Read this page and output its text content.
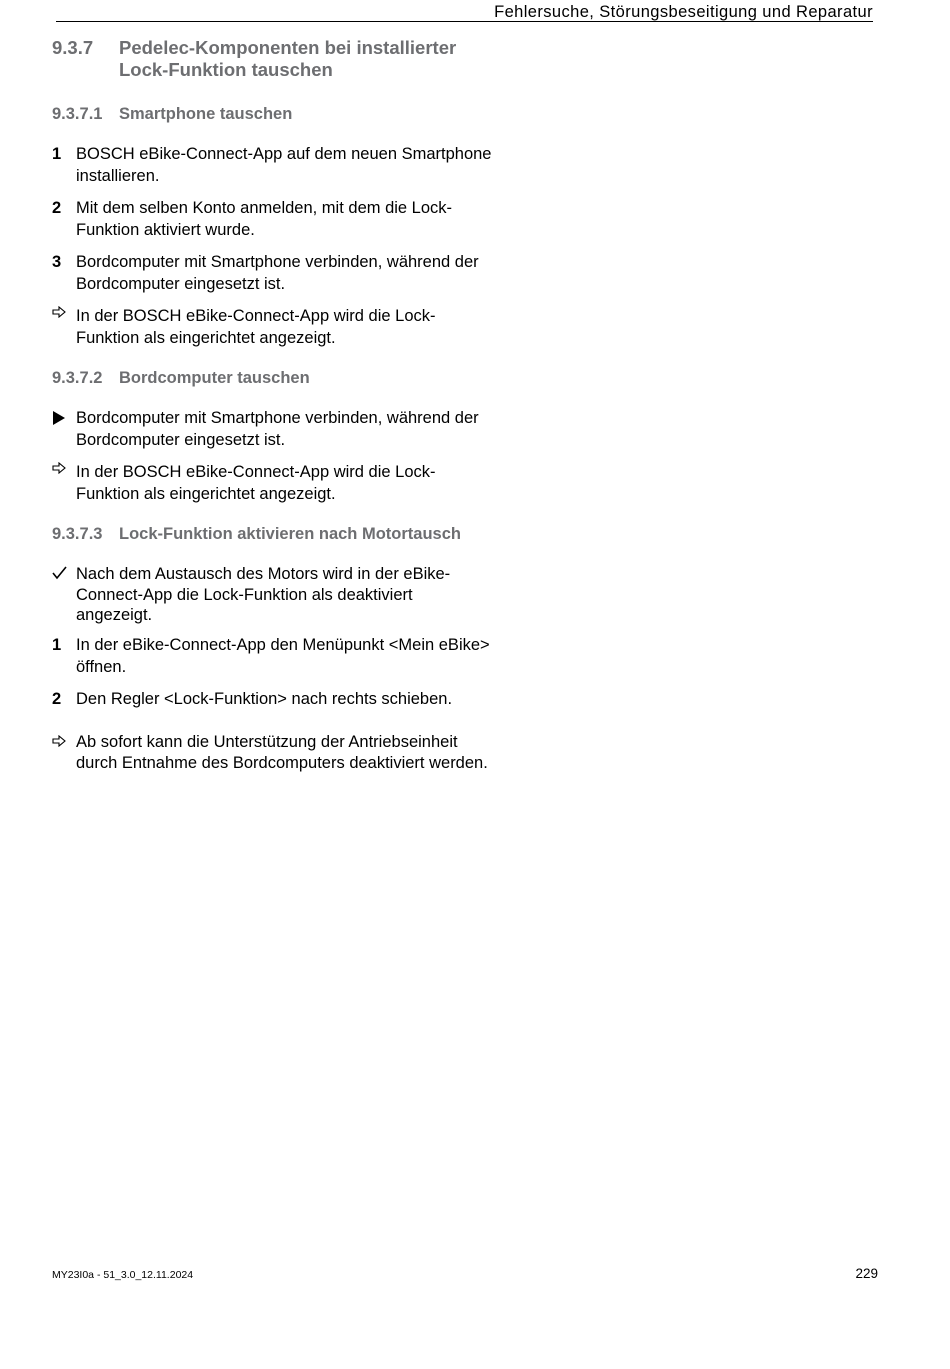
Fehlersuche, Störungsbeseitigung und Reparatur
9.3.7	Pedelec-Komponenten bei installierter Lock-Funktion tauschen
9.3.7.1	Smartphone tauschen
1 BOSCH eBike-Connect-App auf dem neuen Smartphone installieren.
2 Mit dem selben Konto anmelden, mit dem die Lock-Funktion aktiviert wurde.
3 Bordcomputer mit Smartphone verbinden, während der Bordcomputer eingesetzt ist.
In der BOSCH eBike-Connect-App wird die Lock-Funktion als eingerichtet angezeigt.
9.3.7.2	Bordcomputer tauschen
Bordcomputer mit Smartphone verbinden, während der Bordcomputer eingesetzt ist.
In der BOSCH eBike-Connect-App wird die Lock-Funktion als eingerichtet angezeigt.
9.3.7.3	Lock-Funktion aktivieren nach Motortausch
Nach dem Austausch des Motors wird in der eBike-Connect-App die Lock-Funktion als deaktiviert angezeigt.
1 In der eBike-Connect-App den Menüpunkt <Mein eBike> öffnen.
2 Den Regler <Lock-Funktion> nach rechts schieben.
Ab sofort kann die Unterstützung der Antriebseinheit durch Entnahme des Bordcomputers deaktiviert werden.
MY23I0a - 51_3.0_12.11.2024	229
